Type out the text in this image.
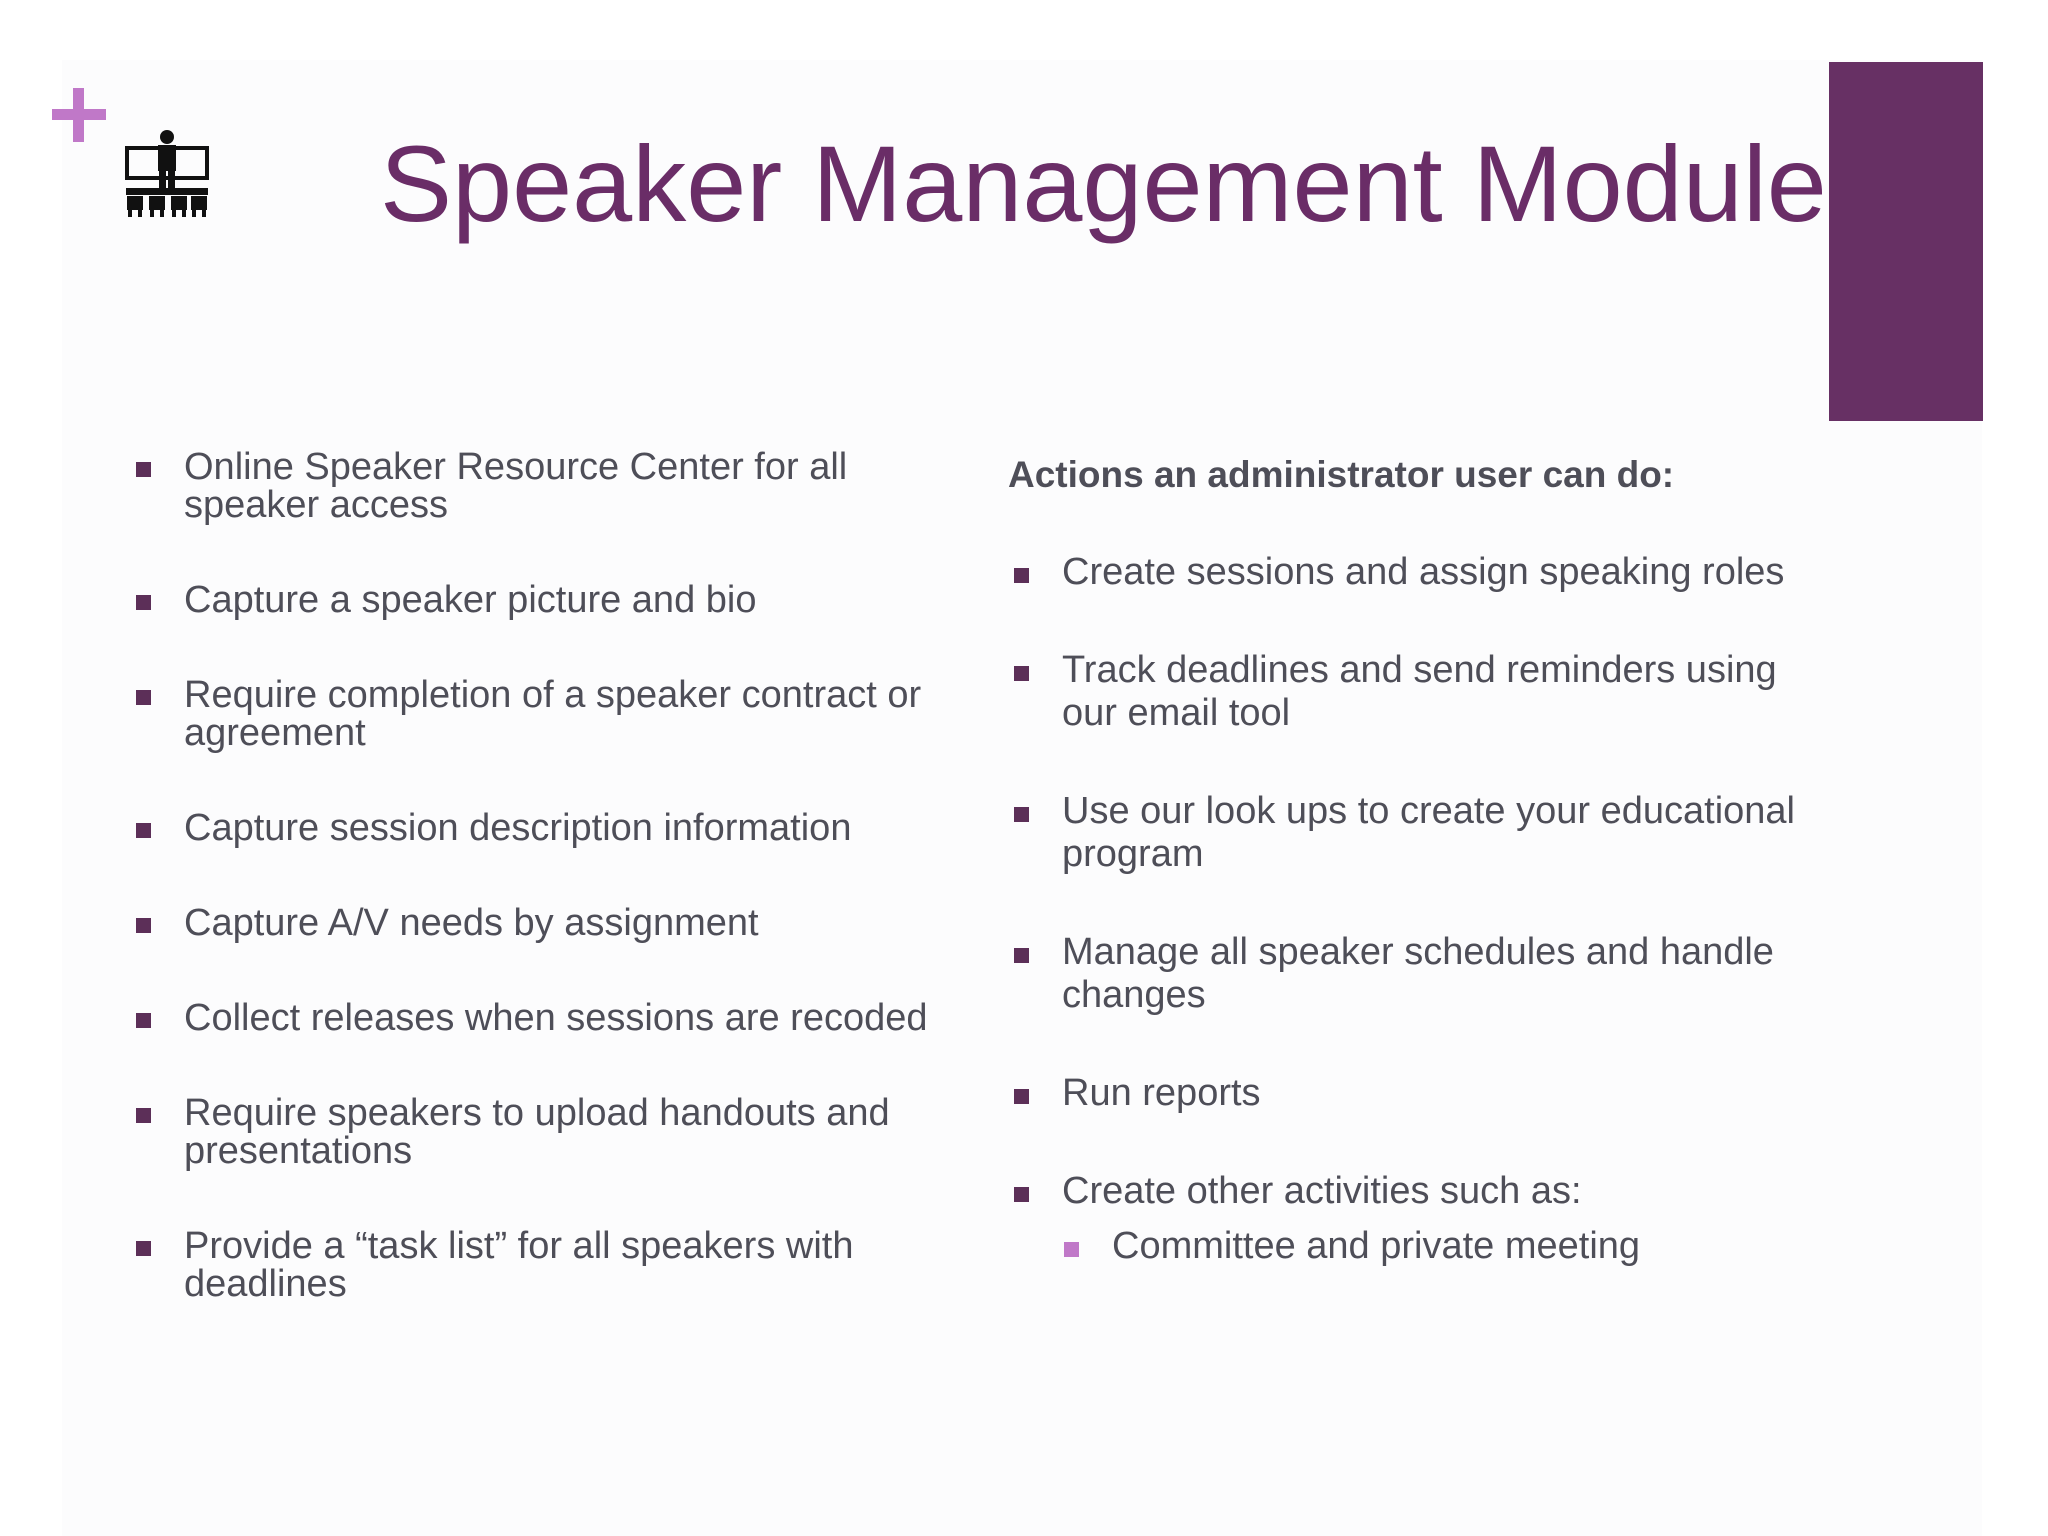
Speaker Management Module
Online Speaker Resource Center for all speaker access
Capture a speaker picture and bio
Require completion of a speaker contract or agreement
Capture session description information
Capture A/V needs by assignment
Collect releases when sessions are recoded
Require speakers to upload handouts and presentations
Provide a “task list” for all speakers with deadlines
Actions an administrator user can do:
Create sessions and assign speaking roles
Track deadlines and send reminders using our email tool
Use our look ups to create your educational program
Manage all speaker schedules and handle changes
Run reports
Create other activities such as:
Committee and private meeting
